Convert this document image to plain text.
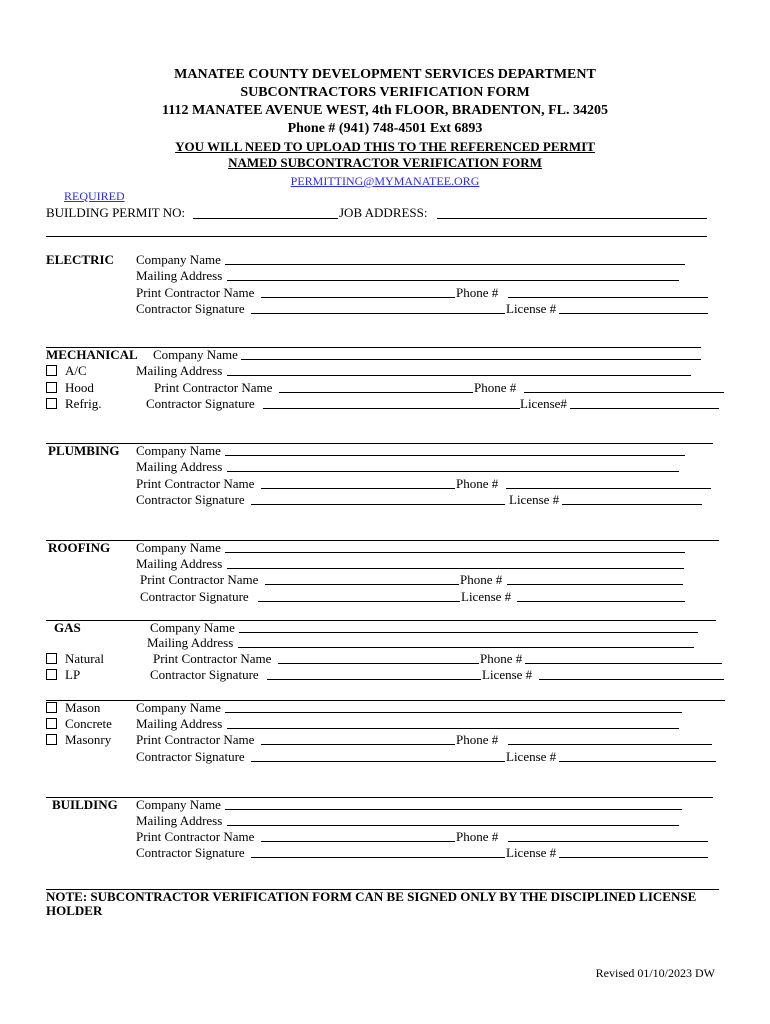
MANATEE COUNTY DEVELOPMENT SERVICES DEPARTMENT
SUBCONTRACTORS VERIFICATION FORM
1112 MANATEE AVENUE WEST, 4th FLOOR, BRADENTON, FL. 34205
Phone # (941) 748-4501 Ext 6893
YOU WILL NEED TO UPLOAD THIS TO THE REFERENCED PERMIT
NAMED SUBCONTRACTOR VERIFICATION FORM
PERMITTING@MYMANATEE.ORG
REQUIRED
BUILDING PERMIT NO:	JOB ADDRESS:
ELECTRIC Company Name
Mailing Address
Print Contractor Name	Phone #
Contractor Signature	License #
MECHANICAL Company Name
A/C	Mailing Address
Hood	Print Contractor Name	Phone #
Refrig.	Contractor Signature	License#
PLUMBING Company Name
Mailing Address
Print Contractor Name	Phone #
Contractor Signature	License #
ROOFING Company Name
Mailing Address
Print Contractor Name	Phone #
Contractor Signature	License #
GAS	Company Name
Mailing Address
Natural	Print Contractor Name	Phone #
LP	Contractor Signature	License #
Mason	Company Name
Concrete Mailing Address
Masonry Print Contractor Name	Phone #
Contractor Signature	License #
BUILDING Company Name
Mailing Address
Print Contractor Name	Phone #
Contractor Signature	License #
NOTE: SUBCONTRACTOR VERIFICATION FORM CAN BE SIGNED ONLY BY THE DISCIPLINED LICENSE HOLDER
Revised 01/10/2023 DW
